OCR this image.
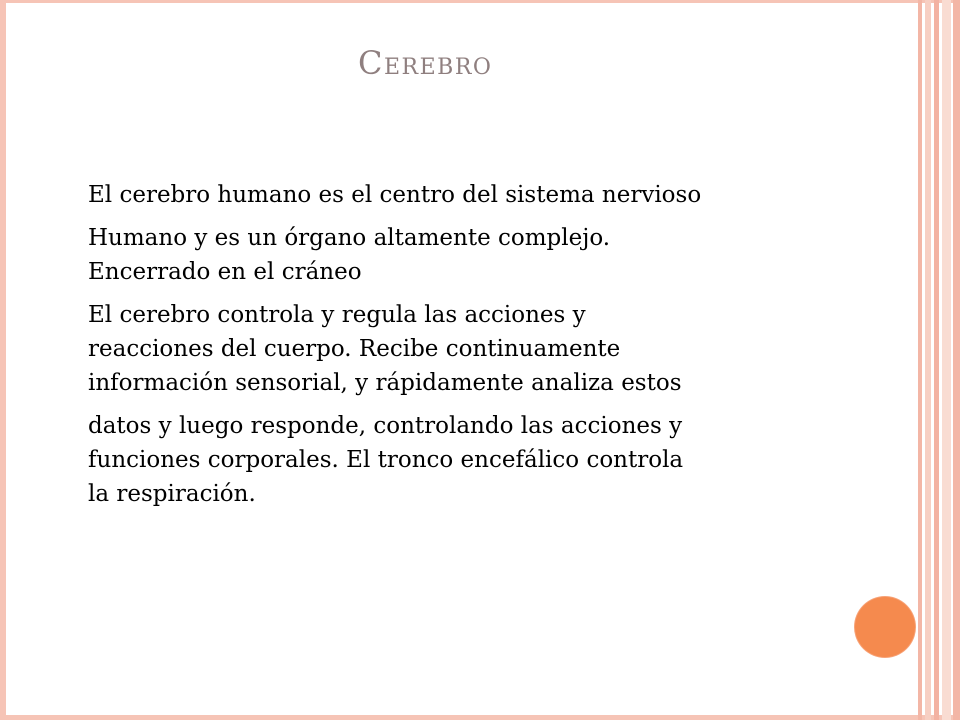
Cerebro

El cerebro humano es el centro del sistema nervioso

Humano y es un órgano altamente complejo.
Encerrado en el cráneo

El cerebro controla y regula las acciones y
reacciones del cuerpo. Recibe continuamente
información sensorial, y rápidamente analiza estos

datos y luego responde, controlando las acciones y
funciones corporales. El tronco encefálico controla
la respiración.
